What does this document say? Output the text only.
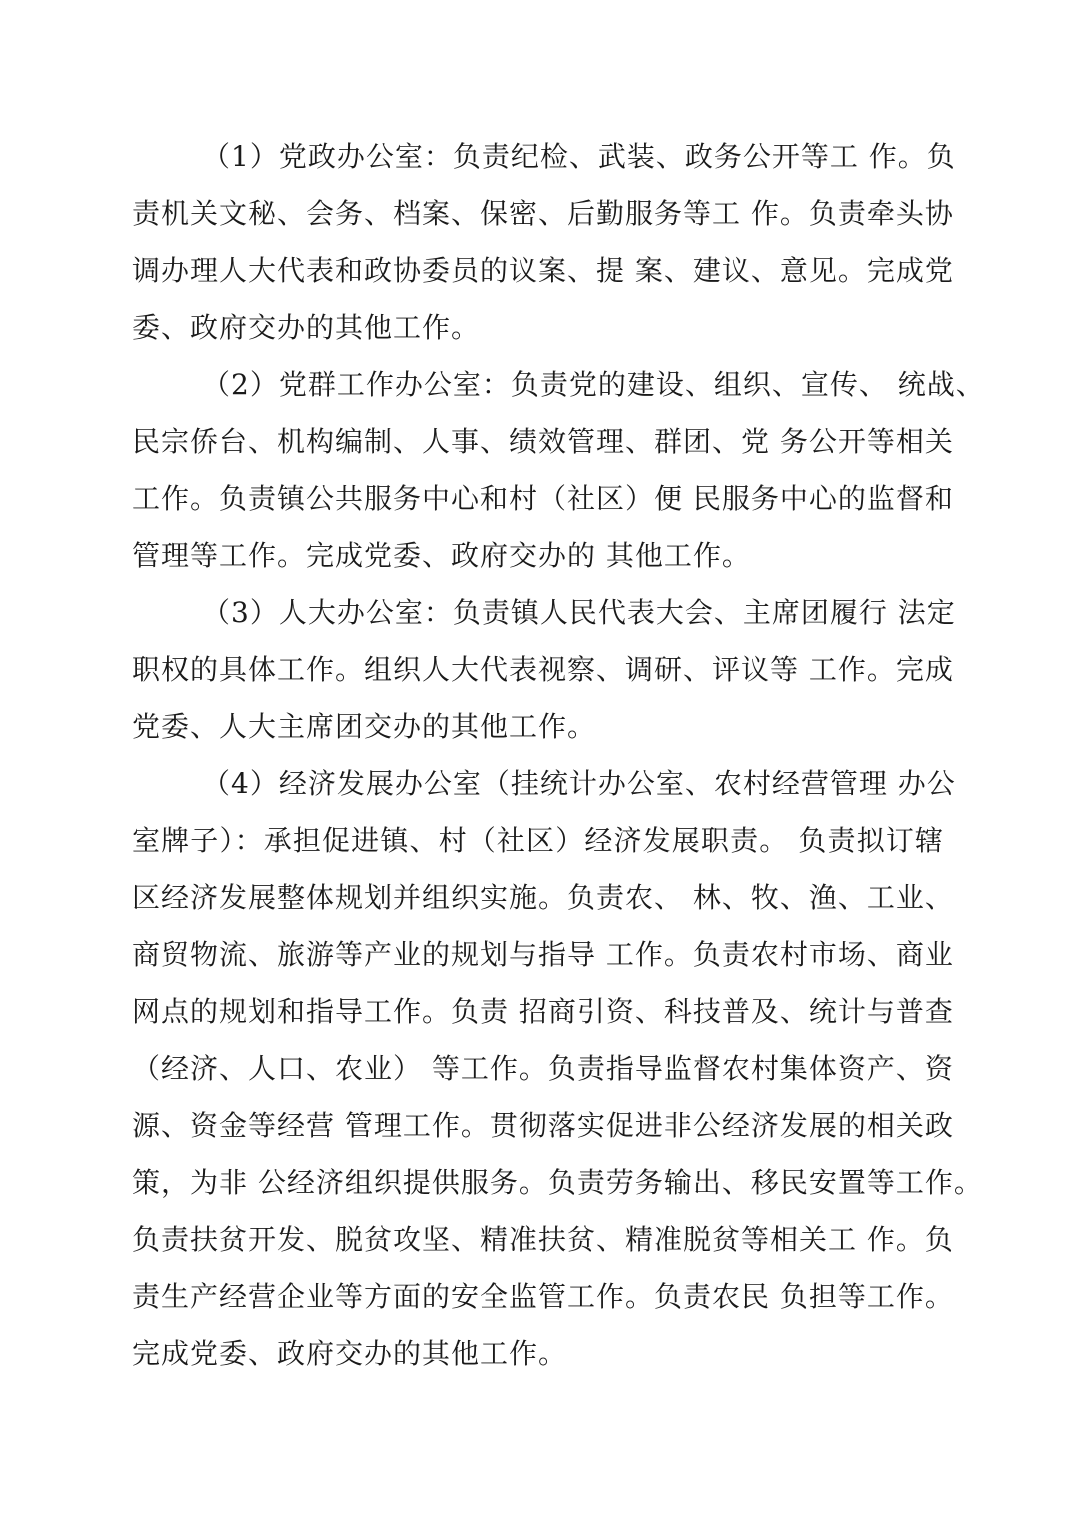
（1）党政办公室：负责纪检、武装、政务公开等工 作。负
责机关文秘、会务、档案、保密、后勤服务等工 作。负责牵头协
调办理人大代表和政协委员的议案、提 案、建议、意见。完成党
委、政府交办的其他工作。

（2）党群工作办公室：负责党的建设、组织、宣传、 统战、
民宗侨台、机构编制、人事、绩效管理、群团、党 务公开等相关
工作。负责镇公共服务中心和村（社区）便 民服务中心的监督和
管理等工作。完成党委、政府交办的 其他工作。

（3）人大办公室：负责镇人民代表大会、主席团履行 法定
职权的具体工作。组织人大代表视察、调研、评议等 工作。完成
党委、人大主席团交办的其他工作。

（4）经济发展办公室（挂统计办公室、农村经营管理 办公
室牌子）：承担促进镇、村（社区）经济发展职责。 负责拟订辖
区经济发展整体规划并组织实施。负责农、 林、牧、渔、工业、
商贸物流、旅游等产业的规划与指导 工作。负责农村市场、商业
网点的规划和指导工作。负责 招商引资、科技普及、统计与普查
（经济、人口、农业） 等工作。负责指导监督农村集体资产、资
源、资金等经营 管理工作。贯彻落实促进非公经济发展的相关政
策，为非 公经济组织提供服务。负责劳务输出、移民安置等工作。
负责扶贫开发、脱贫攻坚、精准扶贫、精准脱贫等相关工 作。负
责生产经营企业等方面的安全监管工作。负责农民 负担等工作。
完成党委、政府交办的其他工作。
